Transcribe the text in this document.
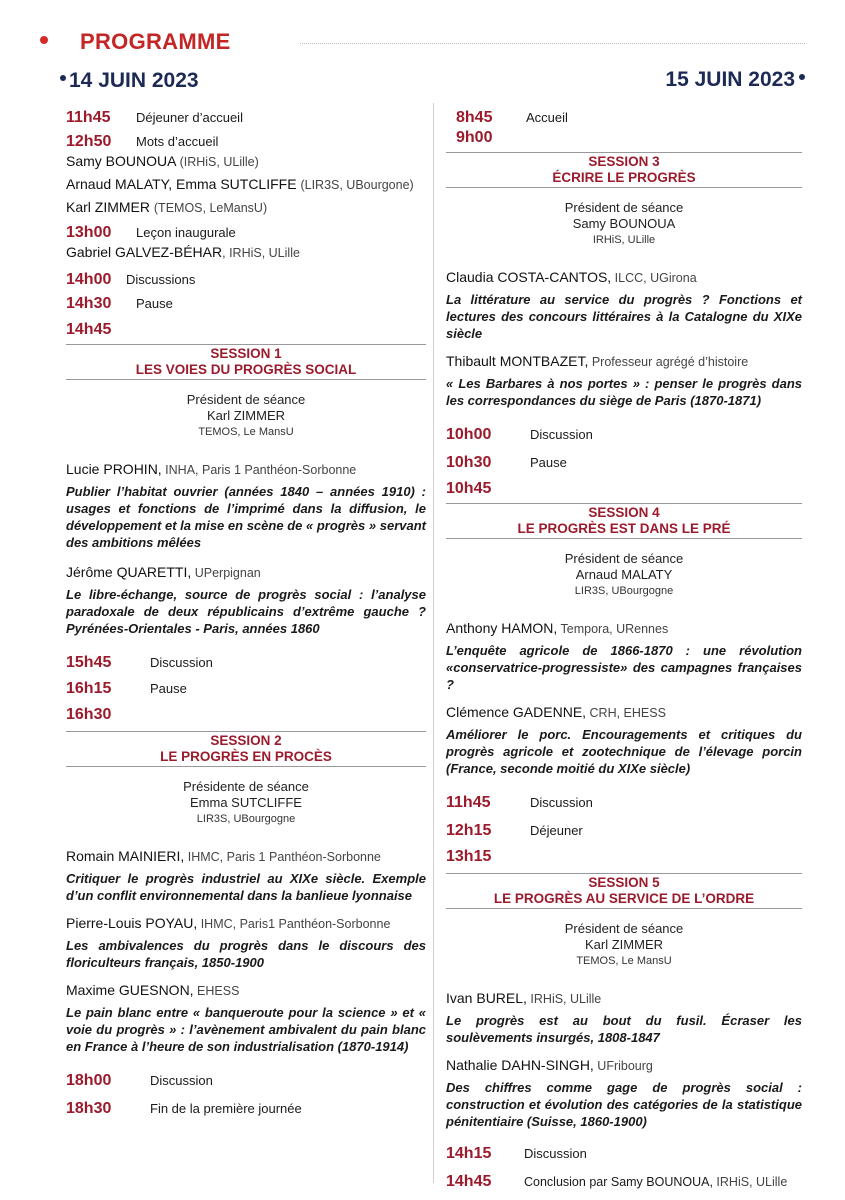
PROGRAMME
14 JUIN 2023	15 JUIN 2023
11h45	Déjeuner d’accueil
12h50	Mots d’accueil
Samy BOUNOUA (IRHiS, ULille)
Arnaud MALATY, Emma SUTCLIFFE (LIR3S, UBourgone)
Karl ZIMMER (TEMOS, LeMansU)
13h00	Leçon inaugurale
Gabriel GALVEZ-BÉHAR, IRHiS, ULille
14h00	Discussions
14h30	Pause
14h45
SESSION 1
LES VOIES DU PROGRÈS SOCIAL
Président de séance
Karl ZIMMER
TEMOS, Le MansU
Lucie PROHIN, INHA, Paris 1 Panthéon-Sorbonne
Publier l’habitat ouvrier (années 1840 – années 1910) : usages et fonctions de l’imprimé dans la diffusion, le développement et la mise en scène de « progrès » servant des ambitions mêlées
Jérôme QUARETTI, UPerpignan
Le libre-échange, source de progrès social : l’analyse paradoxale de deux républicains d’extrême gauche ? Pyrénées-Orientales - Paris, années 1860
15h45	Discussion
16h15	Pause
16h30
SESSION 2
LE PROGRÈS EN PROCÈS
Présidente de séance
Emma SUTCLIFFE
LIR3S, UBourgogne
Romain MAINIERI, IHMC, Paris 1 Panthéon-Sorbonne
Critiquer le progrès industriel au XIXe siècle. Exemple d’un conflit environnemental dans la banlieue lyonnaise
Pierre-Louis POYAU, IHMC, Paris1 Panthéon-Sorbonne
Les ambivalences du progrès dans le discours des floriculteurs français, 1850-1900
Maxime GUESNON, EHESS
Le pain blanc entre « banqueroute pour la science » et « voie du progrès » : l’avènement ambivalent du pain blanc en France à l’heure de son industrialisation (1870-1914)
18h00	Discussion
18h30	Fin de la première journée
8h45	Accueil
9h00
SESSION 3
ÉCRIRE LE PROGRÈS
Président de séance
Samy BOUNOUA
IRHiS, ULille
Claudia COSTA-CANTOS, ILCC, UGirona
La littérature au service du progrès ? Fonctions et lectures des concours littéraires à la Catalogne du XIXe siècle
Thibault MONTBAZET, Professeur agrégé d’histoire
« Les Barbares à nos portes » : penser le progrès dans les correspondances du siège de Paris (1870-1871)
10h00	Discussion
10h30	Pause
10h45
SESSION 4
LE PROGRÈS EST DANS LE PRÉ
Président de séance
Arnaud MALATY
LIR3S, UBourgogne
Anthony HAMON, Tempora, URennes
L’enquête agricole de 1866-1870 : une révolution «conservatrice-progressiste» des campagnes françaises ?
Clémence GADENNE, CRH, EHESS
Améliorer le porc. Encouragements et critiques du progrès agricole et zootechnique de l’élevage porcin (France, seconde moitié du XIXe siècle)
11h45	Discussion
12h15	Déjeuner
13h15
SESSION 5
LE PROGRÈS AU SERVICE DE L’ORDRE
Président de séance
Karl ZIMMER
TEMOS, Le MansU
Ivan BUREL, IRHiS, ULille
Le progrès est au bout du fusil. Écraser les soulèvements insurgés, 1808-1847
Nathalie DAHN-SINGH, UFribourg
Des chiffres comme gage de progrès social : construction et évolution des catégories de la statistique pénitentiaire (Suisse, 1860-1900)
14h15	Discussion
14h45	Conclusion par Samy BOUNOUA, IRHiS, ULille
